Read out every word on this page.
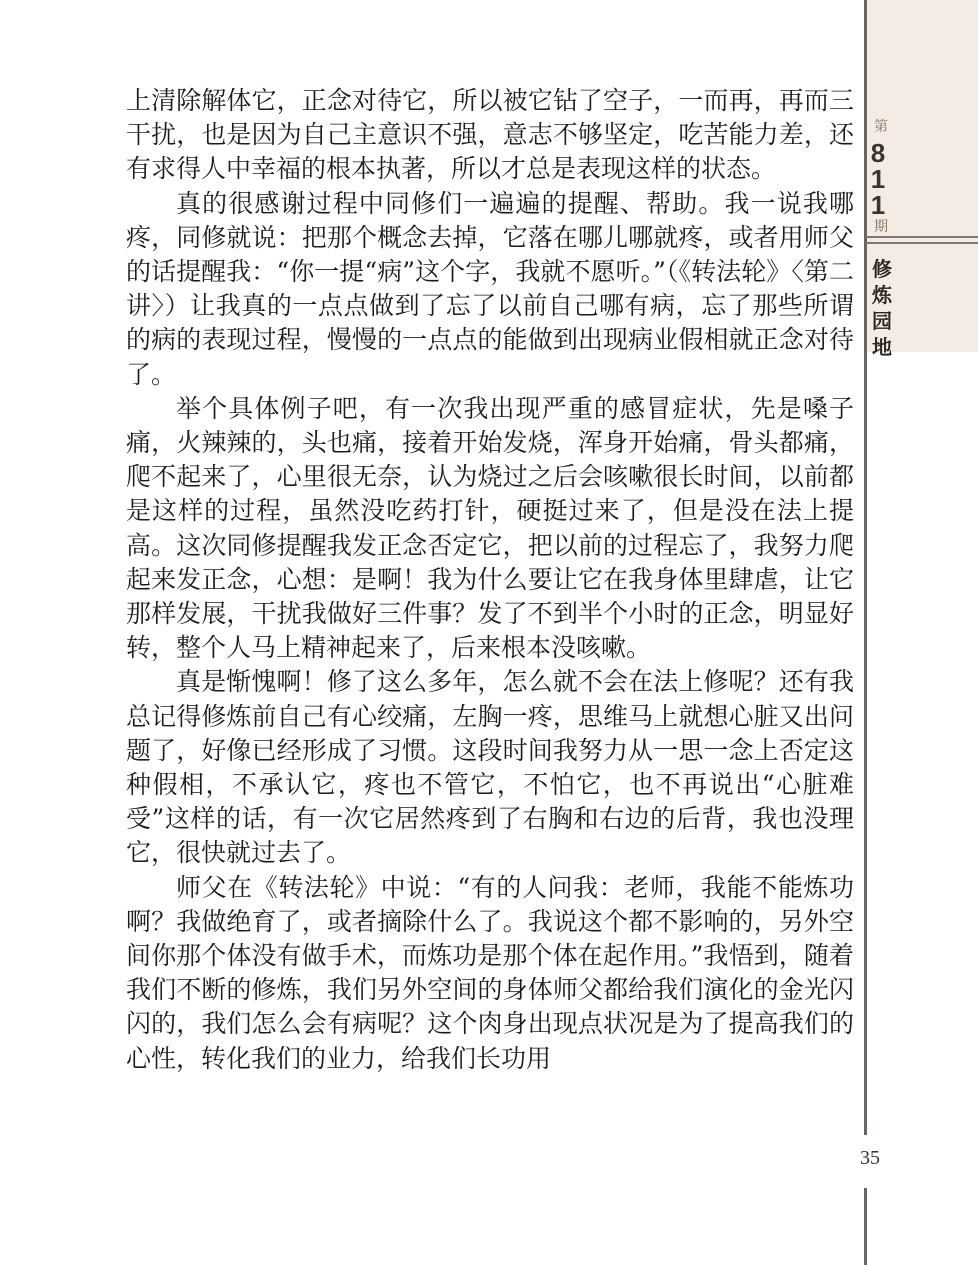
第
811
期
修炼园地
35

上清除解体它，正念对待它，所以被它钻了空子，一而再，再而三干扰，也是因为自己主意识不强，意志不够坚定，吃苦能力差，还有求得人中幸福的根本执著，所以才总是表现这样的状态。

真的很感谢过程中同修们一遍遍的提醒、帮助。我一说我哪疼，同修就说：把那个概念去掉，它落在哪儿哪就疼，或者用师父的话提醒我：“你一提“病”这个字，我就不愿听。”（《转法轮》〈第二讲〉）让我真的一点点做到了忘了以前自己哪有病，忘了那些所谓的病的表现过程，慢慢的一点点的能做到出现病业假相就正念对待了。

举个具体例子吧，有一次我出现严重的感冒症状，先是嗓子痛，火辣辣的，头也痛，接着开始发烧，浑身开始痛，骨头都痛，爬不起来了，心里很无奈，认为烧过之后会咳嗽很长时间，以前都是这样的过程，虽然没吃药打针，硬挺过来了，但是没在法上提高。这次同修提醒我发正念否定它，把以前的过程忘了，我努力爬起来发正念，心想：是啊！我为什么要让它在我身体里肆虐，让它那样发展，干扰我做好三件事？发了不到半个小时的正念，明显好转，整个人马上精神起来了，后来根本没咳嗽。

真是惭愧啊！修了这么多年，怎么就不会在法上修呢？还有我总记得修炼前自己有心绞痛，左胸一疼，思维马上就想心脏又出问题了，好像已经形成了习惯。这段时间我努力从一思一念上否定这种假相，不承认它，疼也不管它，不怕它，也不再说出“心脏难受”这样的话，有一次它居然疼到了右胸和右边的后背，我也没理它，很快就过去了。

师父在《转法轮》中说：“有的人问我：老师，我能不能炼功啊？我做绝育了，或者摘除什么了。我说这个都不影响的，另外空间你那个体没有做手术，而炼功是那个体在起作用。”我悟到，随着我们不断的修炼，我们另外空间的身体师父都给我们演化的金光闪闪的，我们怎么会有病呢？这个肉身出现点状况是为了提高我们的心性，转化我们的业力，给我们长功用
